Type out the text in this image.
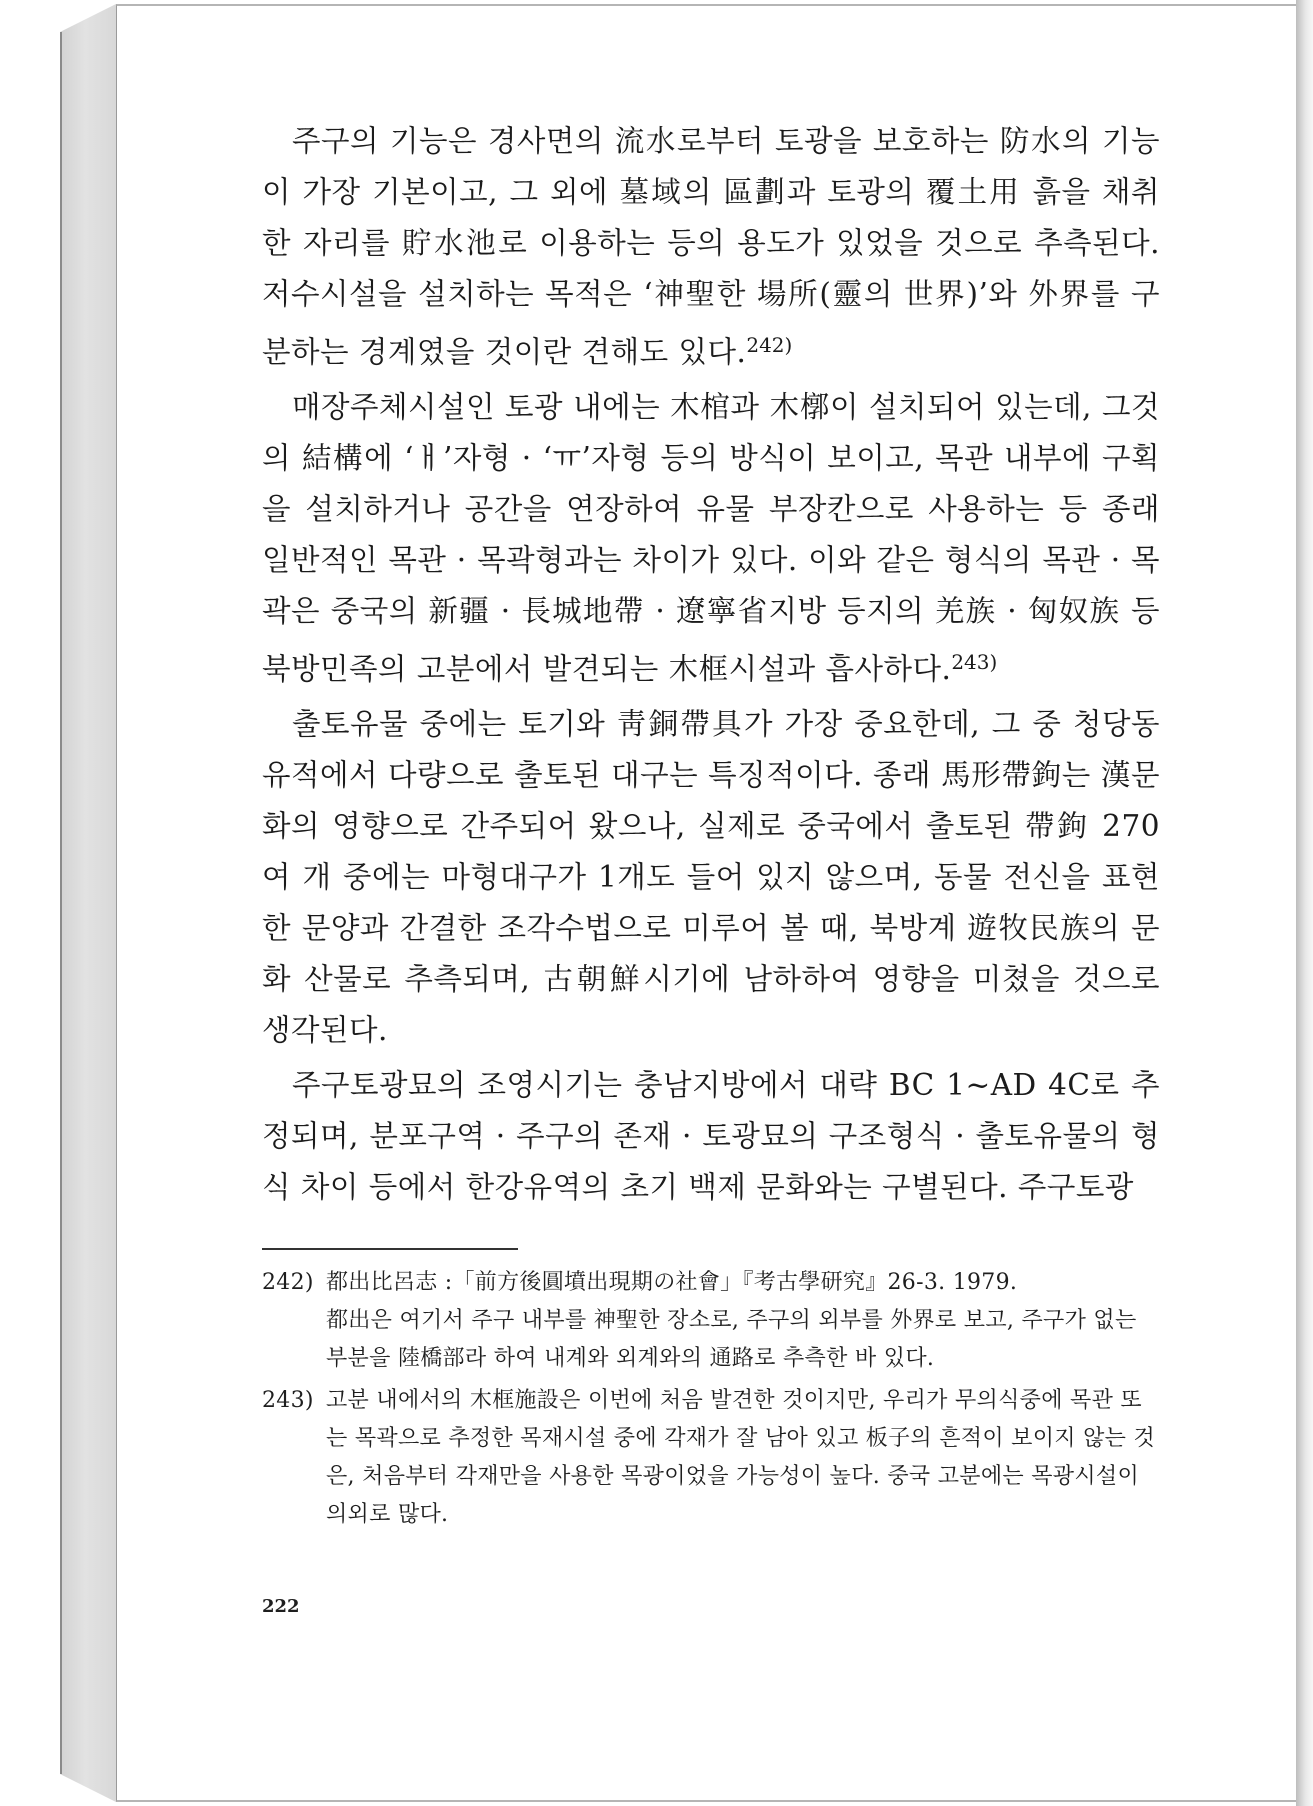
주구의 기능은 경사면의 流水로부터 토광을 보호하는 防水의 기능이 가장 기본이고, 그 외에 墓域의 區劃과 토광의 覆土用 흙을 채취한 자리를 貯水池로 이용하는 등의 용도가 있었을 것으로 추측된다. 저수시설을 설치하는 목적은 ‘神聖한 場所(靈의 世界)’와 外界를 구분하는 경계였을 것이란 견해도 있다.$^{242)}$

매장주체시설인 토광 내에는 木棺과 木槨이 설치되어 있는데, 그것의 結構에 ‘ㅐ’자형 · ‘ㅠ’자형 등의 방식이 보이고, 목관 내부에 구획을 설치하거나 공간을 연장하여 유물 부장칸으로 사용하는 등 종래 일반적인 목관 · 목곽형과는 차이가 있다. 이와 같은 형식의 목관 · 목곽은 중국의 新疆 · 長城地帶 · 遼寧省지방 등지의 羌族 · 匈奴族 등 북방민족의 고분에서 발견되는 木框시설과 흡사하다.$^{243)}$

출토유물 중에는 토기와 靑銅帶具가 가장 중요한데, 그 중 청당동 유적에서 다량으로 출토된 대구는 특징적이다. 종래 馬形帶鉤는 漢문화의 영향으로 간주되어 왔으나, 실제로 중국에서 출토된 帶鉤 270여 개 중에는 마형대구가 1개도 들어 있지 않으며, 동물 전신을 표현한 문양과 간결한 조각수법으로 미루어 볼 때, 북방계 遊牧民族의 문화 산물로 추측되며, 古朝鮮시기에 남하하여 영향을 미쳤을 것으로 생각된다.

주구토광묘의 조영시기는 충남지방에서 대략 BC 1∼AD 4C로 추정되며, 분포구역 · 주구의 존재 · 토광묘의 구조형식 · 출토유물의 형식 차이 등에서 한강유역의 초기 백제 문화와는 구별된다. 주구토광

242) 都出比呂志 :「前方後圓墳出現期の社會」『考古學研究』26-3. 1979.
都出은 여기서 주구 내부를 神聖한 장소로, 주구의 외부를 外界로 보고, 주구가 없는 부분을 陸橋部라 하여 내계와 외계와의 通路로 추측한 바 있다.
243) 고분 내에서의 木框施設은 이번에 처음 발견한 것이지만, 우리가 무의식중에 목관 또는 목곽으로 추정한 목재시설 중에 각재가 잘 남아 있고 板子의 흔적이 보이지 않는 것은, 처음부터 각재만을 사용한 목광이었을 가능성이 높다. 중국 고분에는 목광시설이 의외로 많다.
222
